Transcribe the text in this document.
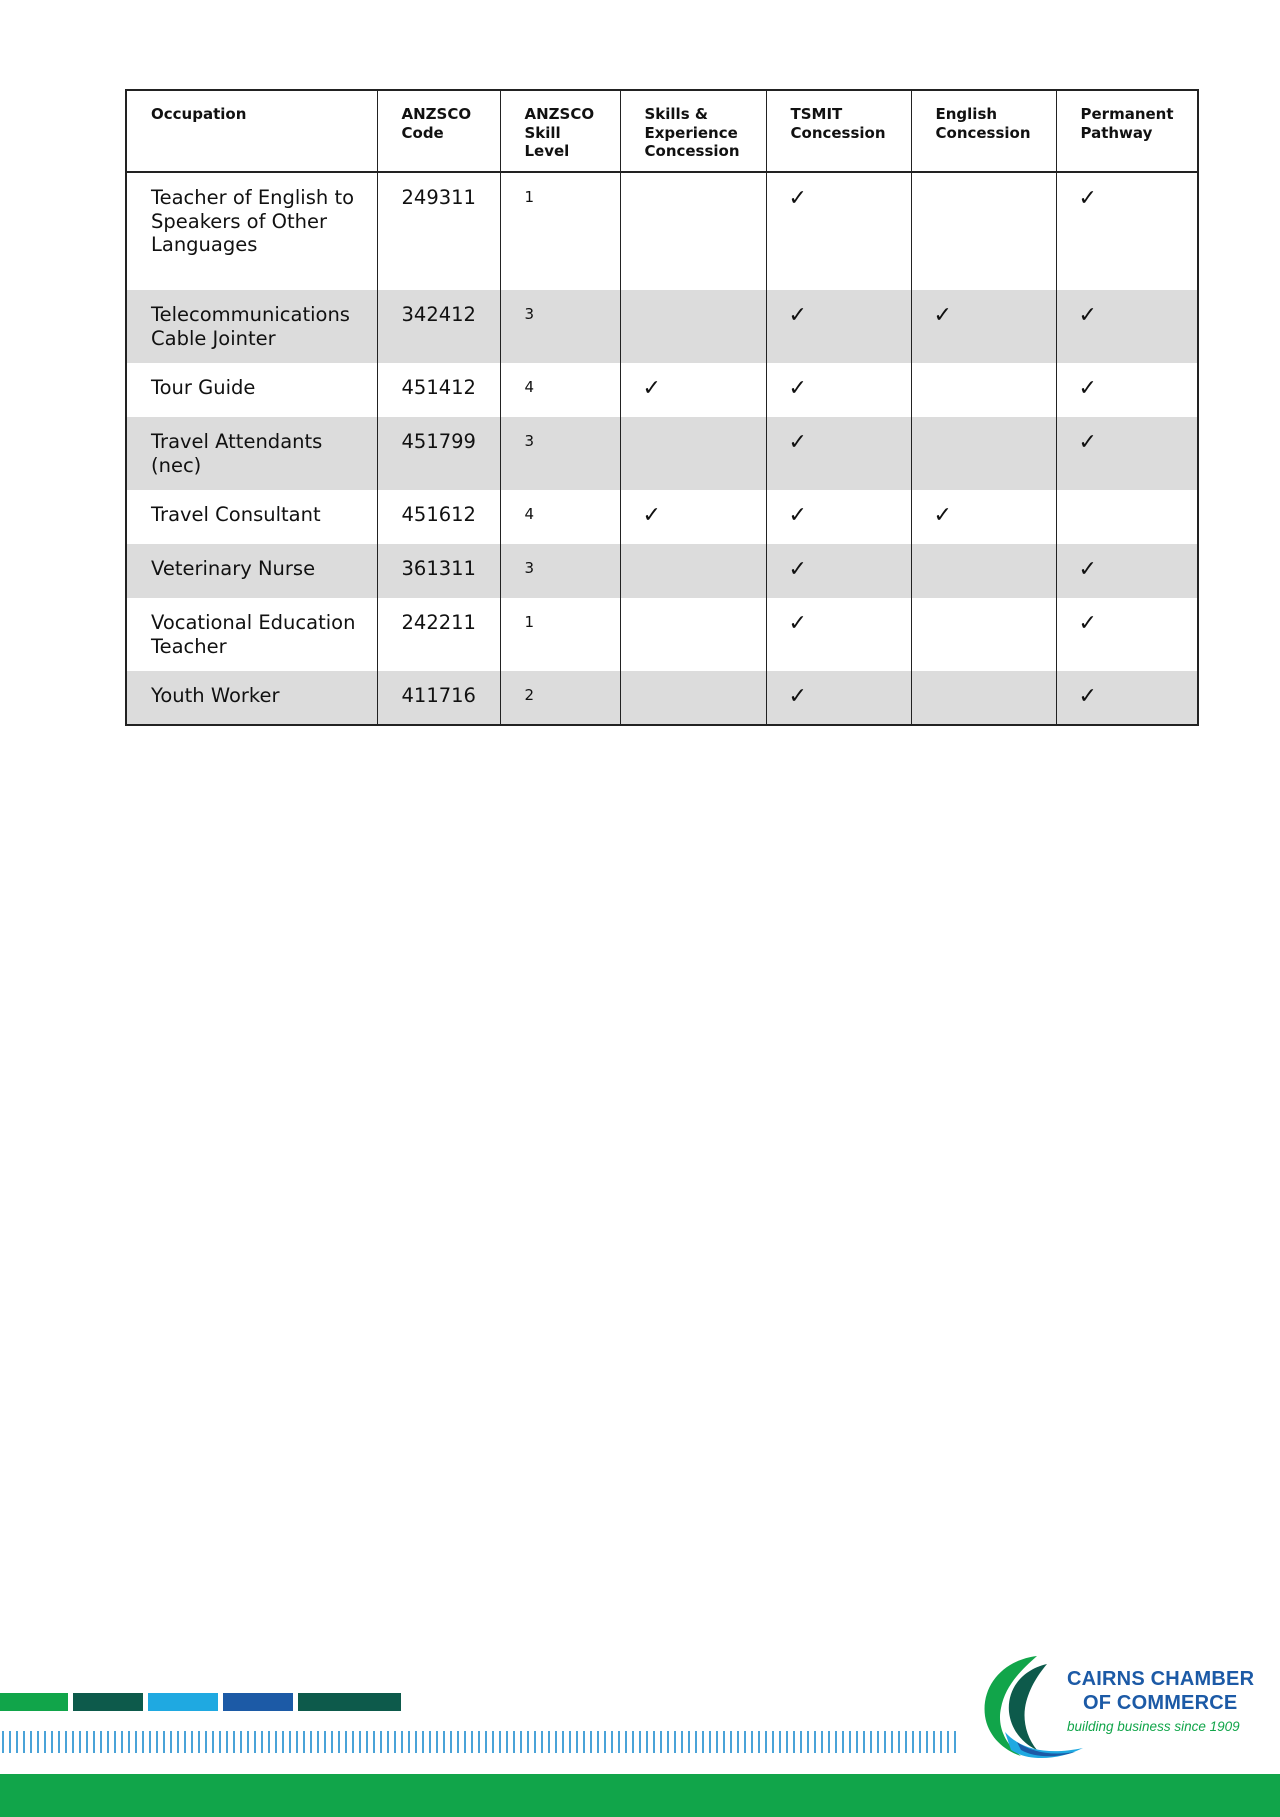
Occupation	ANZSCO Code	ANZSCO Skill Level	Skills & Experience Concession	TSMIT Concession	English Concession	Permanent Pathway
Teacher of English to Speakers of Other Languages	249311	1		✓		✓
Telecommunications Cable Jointer	342412	3		✓	✓	✓
Tour Guide	451412	4	✓	✓		✓
Travel Attendants (nec)	451799	3		✓		✓
Travel Consultant	451612	4	✓	✓	✓	
Veterinary Nurse	361311	3		✓		✓
Vocational Education Teacher	242211	1		✓		✓
Youth Worker	411716	2		✓		✓
CAIRNS CHAMBER
OF COMMERCE
building business since 1909
